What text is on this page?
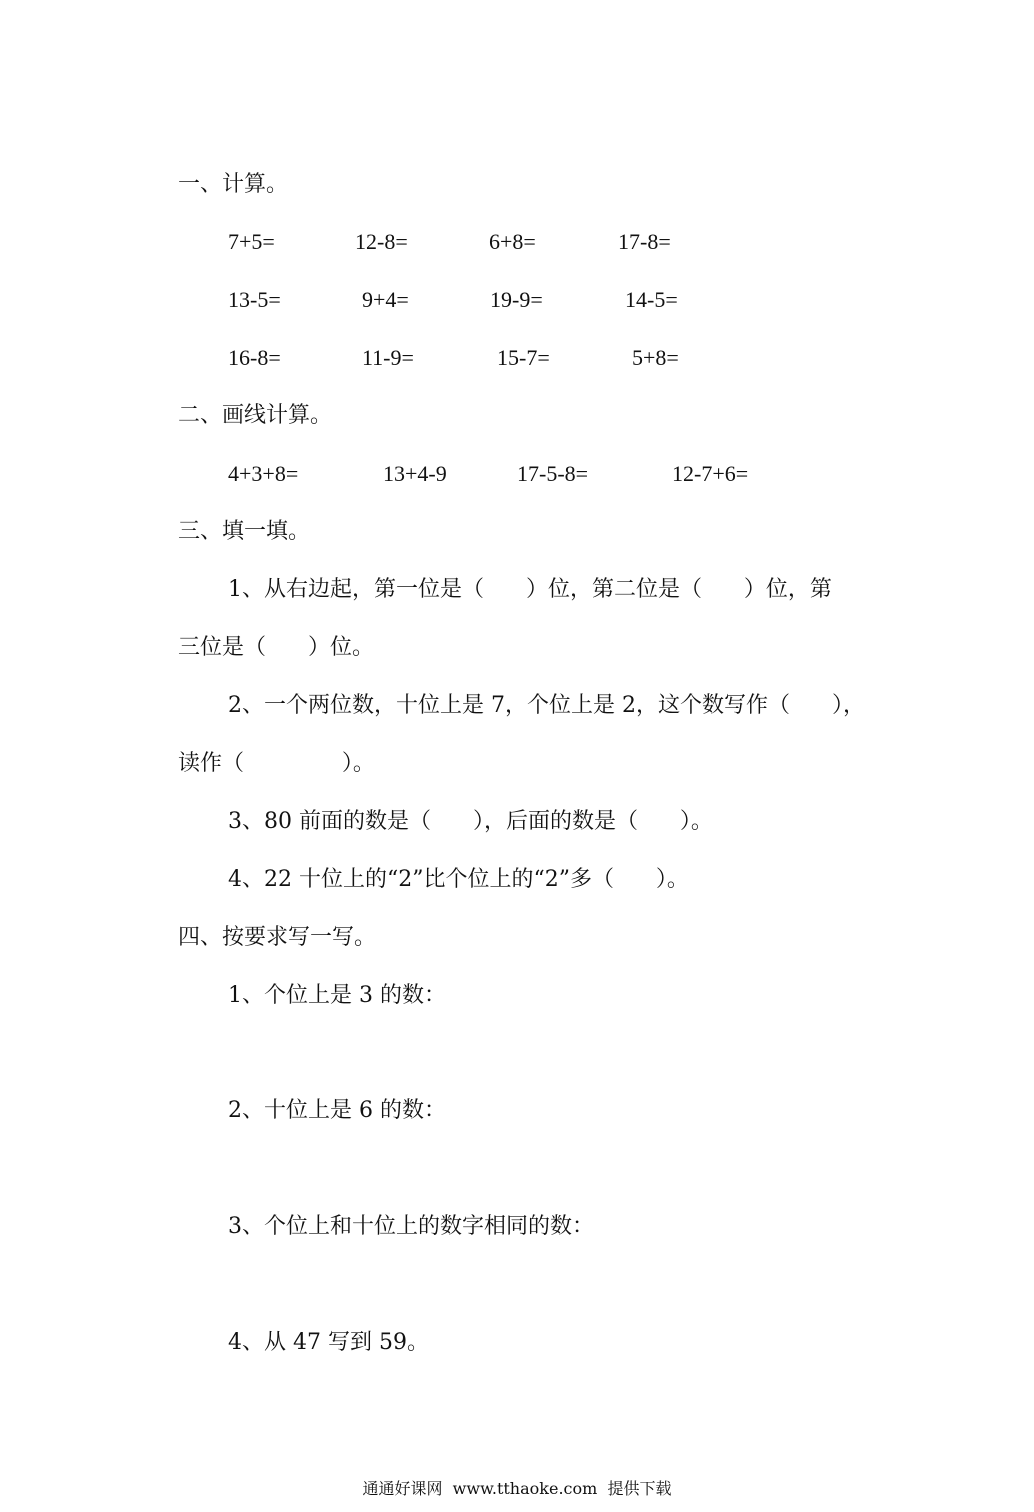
一、计算。
7+5=	12-8=	6+8=	17-8=
13-5=	9+4=	19-9=	14-5=
16-8=	11-9=	15-7=	5+8=
二、画线计算。
4+3+8=	13+4-9	17-5-8=	12-7+6=
三、填一填。
1、从右边起，第一位是（      ）位，第二位是（      ）位，第
三位是（      ）位。
2、一个两位数，十位上是 7，个位上是 2，这个数写作（      ），
读作（              ）。
3、80 前面的数是（      ），后面的数是（      ）。
4、22 十位上的“2”比个位上的“2”多（      ）。
四、按要求写一写。
1、个位上是 3 的数：
2、十位上是 6 的数：
3、个位上和十位上的数字相同的数：
4、从 47 写到 59。
通通好课网  www.tthaoke.com  提供下载
